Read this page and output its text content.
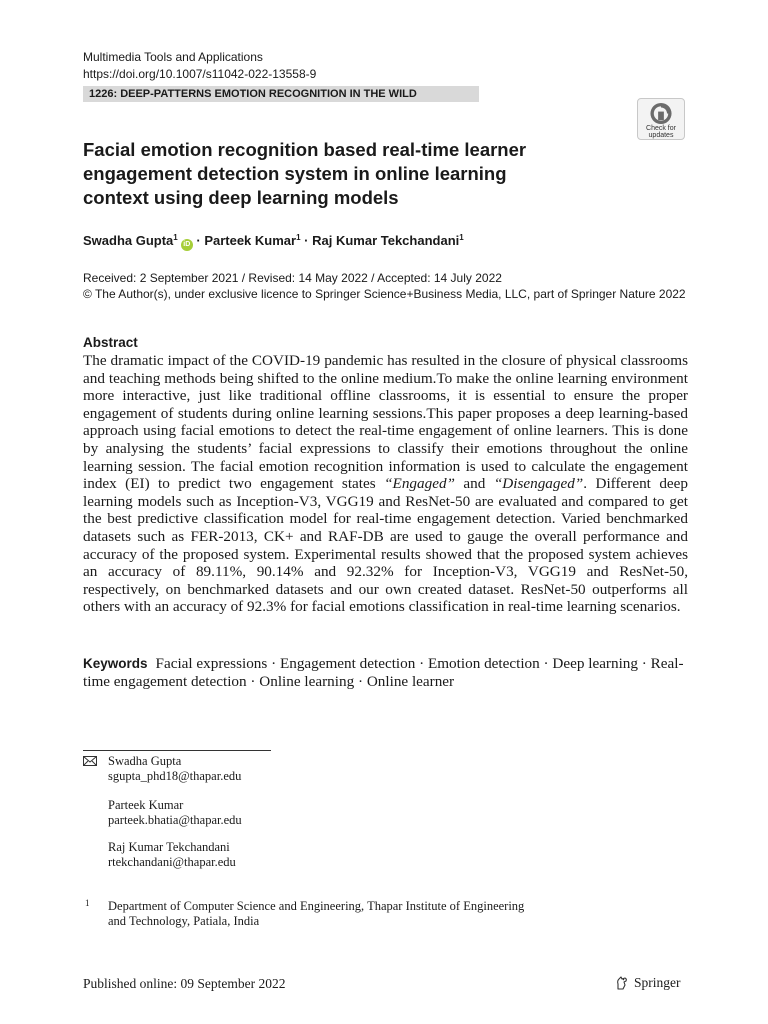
Multimedia Tools and Applications
https://doi.org/10.1007/s11042-022-13558-9
1226: DEEP-PATTERNS EMOTION RECOGNITION IN THE WILD
Check for
updates
Facial emotion recognition based real-time learner
engagement detection system in online learning
context using deep learning models
Swadha Gupta$^1$iD · Parteek Kumar$^1$ · Raj Kumar Tekchandani$^1$
Received: 2 September 2021 / Revised: 14 May 2022 / Accepted: 14 July 2022
© The Author(s), under exclusive licence to Springer Science+Business Media, LLC, part of Springer Nature 2022
Abstract

The dramatic impact of the COVID-19 pandemic has resulted in the closure of physical classrooms and teaching methods being shifted to the online medium.To make the online learning environment more interactive, just like traditional offline classrooms, it is essential to ensure the proper engagement of students during online learning sessions.This paper proposes a deep learning-based approach using facial emotions to detect the real-time engagement of online learners. This is done by analysing the students’ facial expressions to classify their emotions throughout the online learning session. The facial emotion recognition information is used to calculate the engagement index (EI) to predict two engagement states “Engaged” and “Disengaged”. Different deep learning models such as Inception-V3, VGG19 and ResNet-50 are evaluated and compared to get the best predictive classification model for real-time engagement detection. Varied benchmarked datasets such as FER-2013, CK+ and RAF-DB are used to gauge the overall performance and accuracy of the proposed system. Experimental results showed that the proposed system achieves an accuracy of 89.11%, 90.14% and 92.32% for Inception-V3, VGG19 and ResNet-50, respectively, on benchmarked datasets and our own created dataset. ResNet-50 outperforms all others with an accuracy of 92.3% for facial emotions classification in real-time learning scenarios.

Keywords Facial expressions · Engagement detection · Emotion detection · Deep learning · Real-time engagement detection · Online learning · Online learner
Swadha Gupta
sgupta_phd18@thapar.edu
Parteek Kumar
parteek.bhatia@thapar.edu
Raj Kumar Tekchandani
rtekchandani@thapar.edu
1 Department of Computer Science and Engineering, Thapar Institute of Engineering
and Technology, Patiala, India
Published online: 09 September 2022	Springer
